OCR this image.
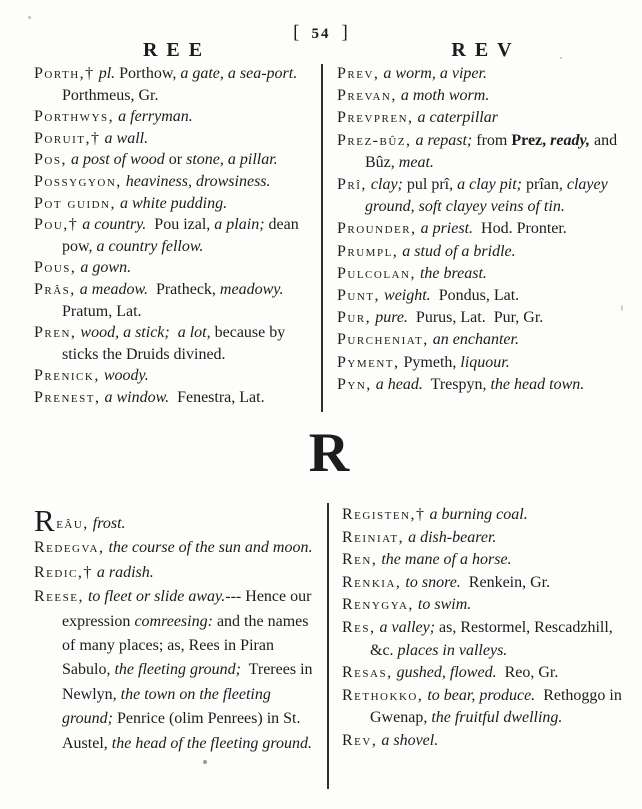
[ 54 ]
REE	REV

Porth,† pl. Porthow, a gate, a sea-port.  Porthmeus, Gr.

Porthwys, a ferryman.

Poruit,† a wall.

Pos, a post of wood or stone, a pillar.

Possygyon, heaviness, drowsiness.

Pot guidn, a white pudding.

Pou,† a country.  Pou izal, a plain; dean pow, a country fellow.

Pous, a gown.

Prâs, a meadow.  Pratheck, meadowy.  Pratum, Lat.

Pren, wood, a stick;  a lot, because by sticks the Druids divined.

Prenick, woody.

Prenest, a window.  Fenestra, Lat.

Prev, a worm, a viper.

Prevan, a moth worm.

Prevpren, a caterpillar

Prez-bûz, a repast; from Prez, ready, and Bûz, meat.

Prî, clay; pul prî, a clay pit; prîan, clayey ground, soft clayey veins of tin.

Prounder, a priest.  Hod. Pronter.

Prumpl, a stud of a bridle.

Pulcolan, the breast.

Punt, weight.  Pondus, Lat.

Pur, pure.  Purus, Lat.  Pur, Gr.

Purcheniat, an enchanter.

Pyment, Pymeth, liquour.

Pyn, a head.  Trespyn, the head town.

R

Reâu, frost.

Redegva, the course of the sun and moon.

Redic,† a radish.

Reese, to fleet or slide away.--- Hence our expression comreesing: and the names of many places; as, Rees in Piran Sabulo, the fleeting ground;  Trerees in Newlyn, the town on the fleeting ground; Penrice (olim Penrees) in St. Austel, the head of the fleeting ground.

Registen,† a burning coal.

Reiniat, a dish-bearer.

Ren, the mane of a horse.

Renkia, to snore.  Renkein, Gr.

Renygya, to swim.

Res, a valley; as, Restormel, Rescadzhill, &c. places in valleys.

Resas, gushed, flowed.  Reo, Gr.

Rethokko, to bear, produce.  Rethoggo in Gwenap, the fruitful dwelling.

Rev, a shovel.
